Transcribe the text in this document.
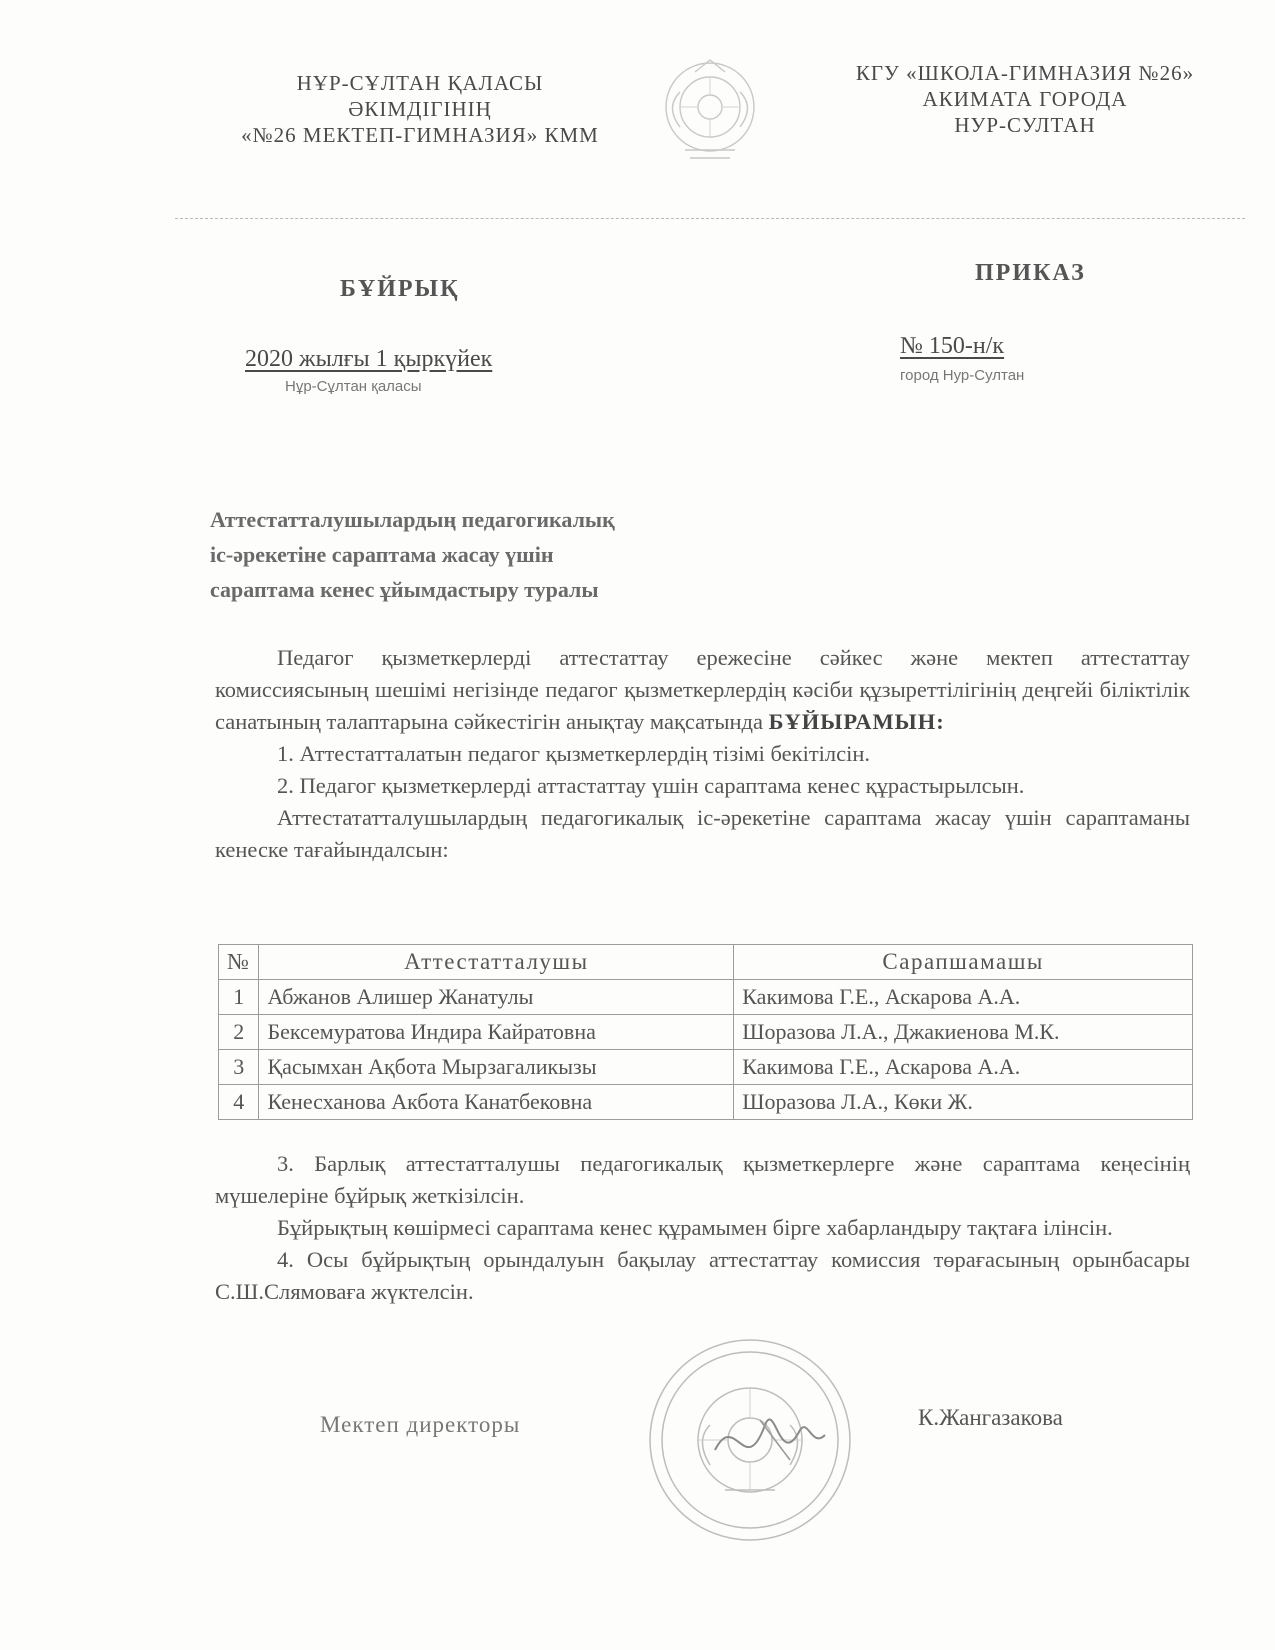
НҰР-СҰЛТАН ҚАЛАСЫ
ӘКІМДІГІНІҢ
«№26 МЕКТЕП-ГИМНАЗИЯ» КММ
КГУ «ШКОЛА-ГИМНАЗИЯ №26»
АКИМАТА ГОРОДА
НУР-СУЛТАН
БҰЙРЫҚ
ПРИКАЗ
2020 жылғы 1 қыркүйек
Нұр-Сұлтан қаласы
№ 150-н/к
город Нур-Султан
Аттестатталушылардың педагогикалық
іс-әрекетіне сараптама жасау үшін
сараптама кенес ұйымдастыру туралы

Педагог қызметкерлерді аттестаттау ережесіне сәйкес және мектеп аттестаттау комиссиясының шешімі негізінде педагог қызметкерлердің кәсіби құзыреттілігінің деңгейі біліктілік санатының талаптарына сәйкестігін анықтау мақсатында БҰЙЫРАМЫН:

1. Аттестатталатын педагог қызметкерлердің тізімі бекітілсін.

2. Педагог қызметкерлерді аттастаттау үшін сараптама кенес құрастырылсын.

Аттестататталушылардың педагогикалық іс-әрекетіне сараптама жасау үшін сараптаманы кенеске тағайындалсын:

№	Аттестатталушы	Сарапшамашы
1	Абжанов Алишер Жанатулы	Какимова Г.Е., Аскарова А.А.
2	Бексемуратова Индира Кайратовна	Шоразова Л.А., Джакиенова М.К.
3	Қасымхан Ақбота Мырзагаликызы	Какимова Г.Е., Аскарова А.А.
4	Кенесханова Акбота Канатбековна	Шоразова Л.А., Көки Ж.

3. Барлық аттестатталушы педагогикалық қызметкерлерге және сараптама кеңесінің мүшелеріне бұйрық жеткізілсін.

Бұйрықтың көшірмесі сараптама кенес құрамымен бірге хабарландыру тақтаға ілінсін.

4. Осы бұйрықтың орындалуын бақылау аттестаттау комиссия төрағасының орынбасары С.Ш.Слямоваға жүктелсін.

Мектеп директоры	К.Жангазакова
